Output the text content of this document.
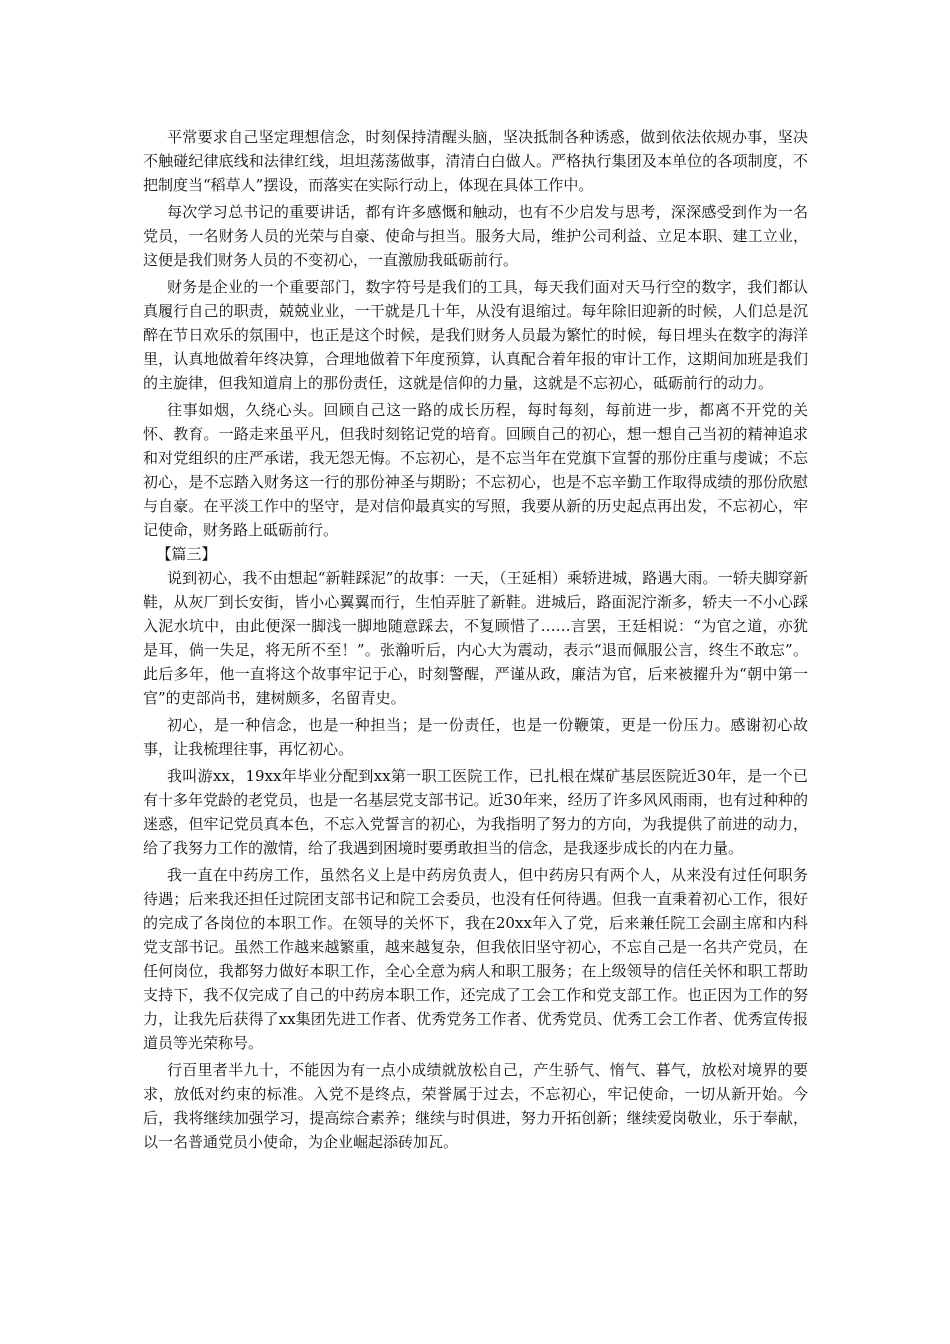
平常要求自己坚定理想信念，时刻保持清醒头脑，坚决抵制各种诱惑，做到依法依规办事，坚决不触碰纪律底线和法律红线，坦坦荡荡做事，清清白白做人。严格执行集团及本单位的各项制度，不把制度当“稻草人”摆设，而落实在实际行动上，体现在具体工作中。

每次学习总书记的重要讲话，都有许多感慨和触动，也有不少启发与思考，深深感受到作为一名党员，一名财务人员的光荣与自豪、使命与担当。服务大局，维护公司利益、立足本职、建工立业，这便是我们财务人员的不变初心，一直激励我砥砺前行。

财务是企业的一个重要部门，数字符号是我们的工具，每天我们面对天马行空的数字，我们都认真履行自己的职责，兢兢业业，一干就是几十年，从没有退缩过。每年除旧迎新的时候，人们总是沉醉在节日欢乐的氛围中，也正是这个时候，是我们财务人员最为繁忙的时候，每日埋头在数字的海洋里，认真地做着年终决算，合理地做着下年度预算，认真配合着年报的审计工作，这期间加班是我们的主旋律，但我知道肩上的那份责任，这就是信仰的力量，这就是不忘初心，砥砺前行的动力。

往事如烟，久绕心头。回顾自己这一路的成长历程，每时每刻，每前进一步，都离不开党的关怀、教育。一路走来虽平凡，但我时刻铭记党的培育。回顾自己的初心，想一想自己当初的精神追求和对党组织的庄严承诺，我无怨无悔。不忘初心，是不忘当年在党旗下宣誓的那份庄重与虔诚；不忘初心，是不忘踏入财务这一行的那份神圣与期盼；不忘初心，也是不忘辛勤工作取得成绩的那份欣慰与自豪。在平淡工作中的坚守，是对信仰最真实的写照，我要从新的历史起点再出发，不忘初心，牢记使命，财务路上砥砺前行。

【篇三】

说到初心，我不由想起“新鞋踩泥”的故事：一天，（王延相）乘轿进城，路遇大雨。一轿夫脚穿新鞋，从灰厂到长安街，皆小心翼翼而行，生怕弄脏了新鞋。进城后，路面泥泞渐多，轿夫一不小心踩入泥水坑中，由此便深一脚浅一脚地随意踩去，不复顾惜了……言罢，王廷相说：“为官之道，亦犹是耳，倘一失足，将无所不至！”。张瀚听后，内心大为震动，表示“退而佩服公言，终生不敢忘”。此后多年，他一直将这个故事牢记于心，时刻警醒，严谨从政，廉洁为官，后来被擢升为“朝中第一官”的吏部尚书，建树颇多，名留青史。

初心，是一种信念，也是一种担当；是一份责任，也是一份鞭策，更是一份压力。感谢初心故事，让我梳理往事，再忆初心。

我叫游xx，19xx年毕业分配到xx第一职工医院工作，已扎根在煤矿基层医院近30年，是一个已有十多年党龄的老党员，也是一名基层党支部书记。近30年来，经历了许多风风雨雨，也有过种种的迷惑，但牢记党员真本色，不忘入党誓言的初心，为我指明了努力的方向，为我提供了前进的动力，给了我努力工作的激情，给了我遇到困境时要勇敢担当的信念，是我逐步成长的内在力量。

我一直在中药房工作，虽然名义上是中药房负责人，但中药房只有两个人，从来没有过任何职务待遇；后来我还担任过院团支部书记和院工会委员，也没有任何待遇。但我一直秉着初心工作，很好的完成了各岗位的本职工作。在领导的关怀下，我在20xx年入了党，后来兼任院工会副主席和内科党支部书记。虽然工作越来越繁重，越来越复杂，但我依旧坚守初心，不忘自己是一名共产党员，在任何岗位，我都努力做好本职工作，全心全意为病人和职工服务；在上级领导的信任关怀和职工帮助支持下，我不仅完成了自己的中药房本职工作，还完成了工会工作和党支部工作。也正因为工作的努力，让我先后获得了xx集团先进工作者、优秀党务工作者、优秀党员、优秀工会工作者、优秀宣传报道员等光荣称号。

行百里者半九十，不能因为有一点小成绩就放松自己，产生骄气、惰气、暮气，放松对境界的要求，放低对约束的标准。入党不是终点，荣誉属于过去，不忘初心，牢记使命，一切从新开始。今后，我将继续加强学习，提高综合素养；继续与时俱进，努力开拓创新；继续爱岗敬业，乐于奉献，以一名普通党员小使命，为企业崛起添砖加瓦。
